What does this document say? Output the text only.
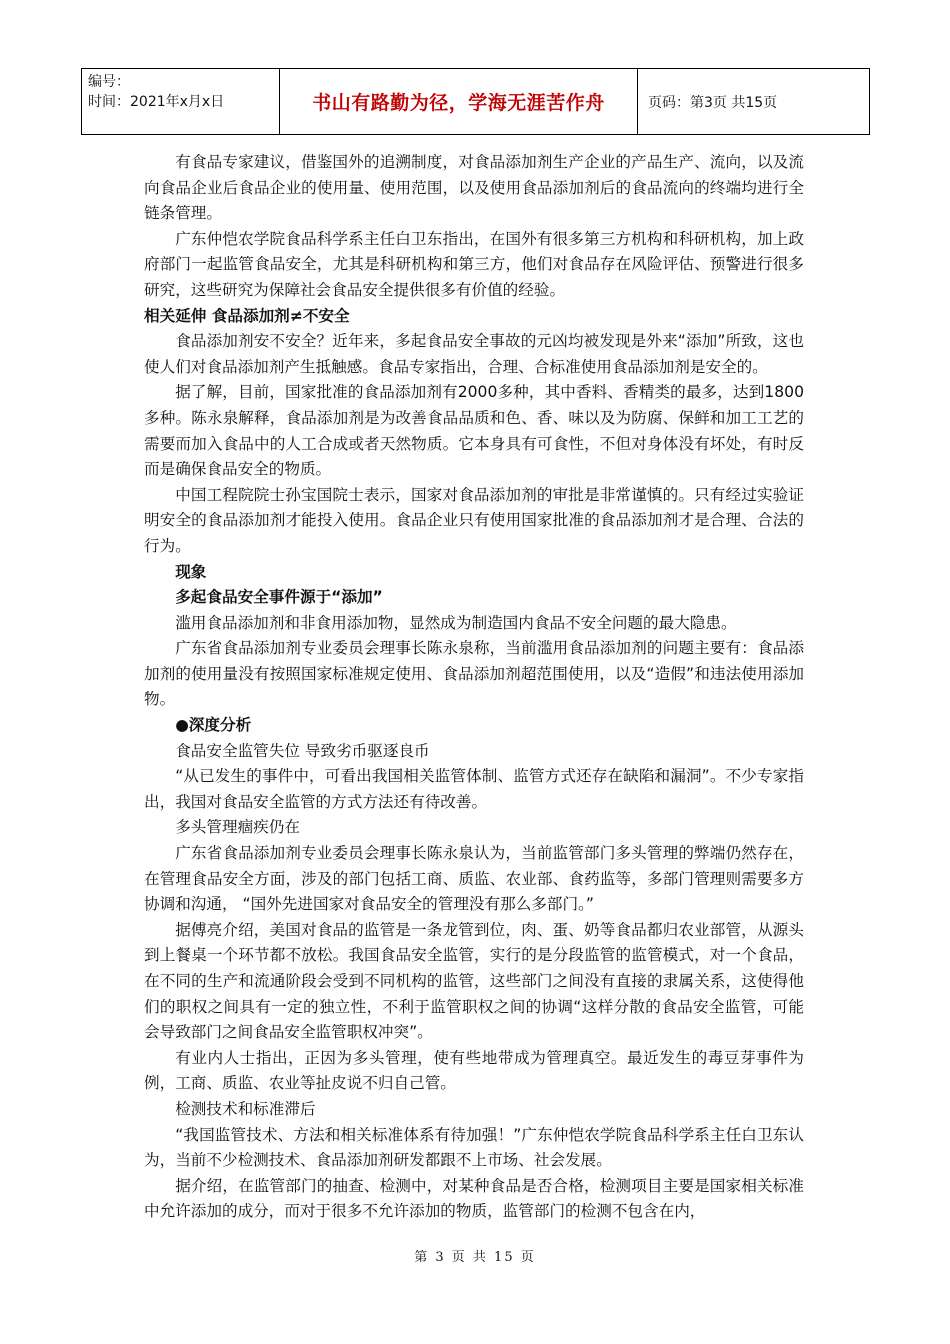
编号：
时间：2021年x月x日	书山有路勤为径，学海无涯苦作舟	页码：第3页 共15页

有食品专家建议，借鉴国外的追溯制度，对食品添加剂生产企业的产品生产、流向，以及流向食品企业后食品企业的使用量、使用范围，以及使用食品添加剂后的食品流向的终端均进行全链条管理。

广东仲恺农学院食品科学系主任白卫东指出，在国外有很多第三方机构和科研机构，加上政府部门一起监管食品安全，尤其是科研机构和第三方，他们对食品存在风险评估、预警进行很多研究，这些研究为保障社会食品安全提供很多有价值的经验。

相关延伸 食品添加剂≠不安全

食品添加剂安不安全？近年来，多起食品安全事故的元凶均被发现是外来“添加”所致，这也使人们对食品添加剂产生抵触感。食品专家指出，合理、合标准使用食品添加剂是安全的。

据了解，目前，国家批准的食品添加剂有2000多种，其中香料、香精类的最多，达到1800多种。陈永泉解释，食品添加剂是为改善食品品质和色、香、味以及为防腐、保鲜和加工工艺的需要而加入食品中的人工合成或者天然物质。它本身具有可食性，不但对身体没有坏处，有时反而是确保食品安全的物质。

中国工程院院士孙宝国院士表示，国家对食品添加剂的审批是非常谨慎的。只有经过实验证明安全的食品添加剂才能投入使用。食品企业只有使用国家批准的食品添加剂才是合理、合法的行为。

现象

多起食品安全事件源于“添加”

滥用食品添加剂和非食用添加物，显然成为制造国内食品不安全问题的最大隐患。

广东省食品添加剂专业委员会理事长陈永泉称，当前滥用食品添加剂的问题主要有：食品添加剂的使用量没有按照国家标准规定使用、食品添加剂超范围使用，以及“造假”和违法使用添加物。

●深度分析

食品安全监管失位 导致劣币驱逐良币

“从已发生的事件中，可看出我国相关监管体制、监管方式还存在缺陷和漏洞”。不少专家指出，我国对食品安全监管的方式方法还有待改善。

多头管理痼疾仍在

广东省食品添加剂专业委员会理事长陈永泉认为，当前监管部门多头管理的弊端仍然存在，在管理食品安全方面，涉及的部门包括工商、质监、农业部、食药监等，多部门管理则需要多方协调和沟通， “国外先进国家对食品安全的管理没有那么多部门。”

据傅亮介绍，美国对食品的监管是一条龙管到位，肉、蛋、奶等食品都归农业部管，从源头到上餐桌一个环节都不放松。我国食品安全监管，实行的是分段监管的监管模式，对一个食品，在不同的生产和流通阶段会受到不同机构的监管，这些部门之间没有直接的隶属关系，这使得他们的职权之间具有一定的独立性，不利于监管职权之间的协调“这样分散的食品安全监管，可能会导致部门之间食品安全监管职权冲突”。

有业内人士指出，正因为多头管理，使有些地带成为管理真空。最近发生的毒豆芽事件为例，工商、质监、农业等扯皮说不归自己管。

检测技术和标准滞后

“我国监管技术、方法和相关标准体系有待加强！”广东仲恺农学院食品科学系主任白卫东认为，当前不少检测技术、食品添加剂研发都跟不上市场、社会发展。

据介绍，在监管部门的抽查、检测中，对某种食品是否合格，检测项目主要是国家相关标准中允许添加的成分，而对于很多不允许添加的物质，监管部门的检测不包含在内，

第 3 页 共 15 页
